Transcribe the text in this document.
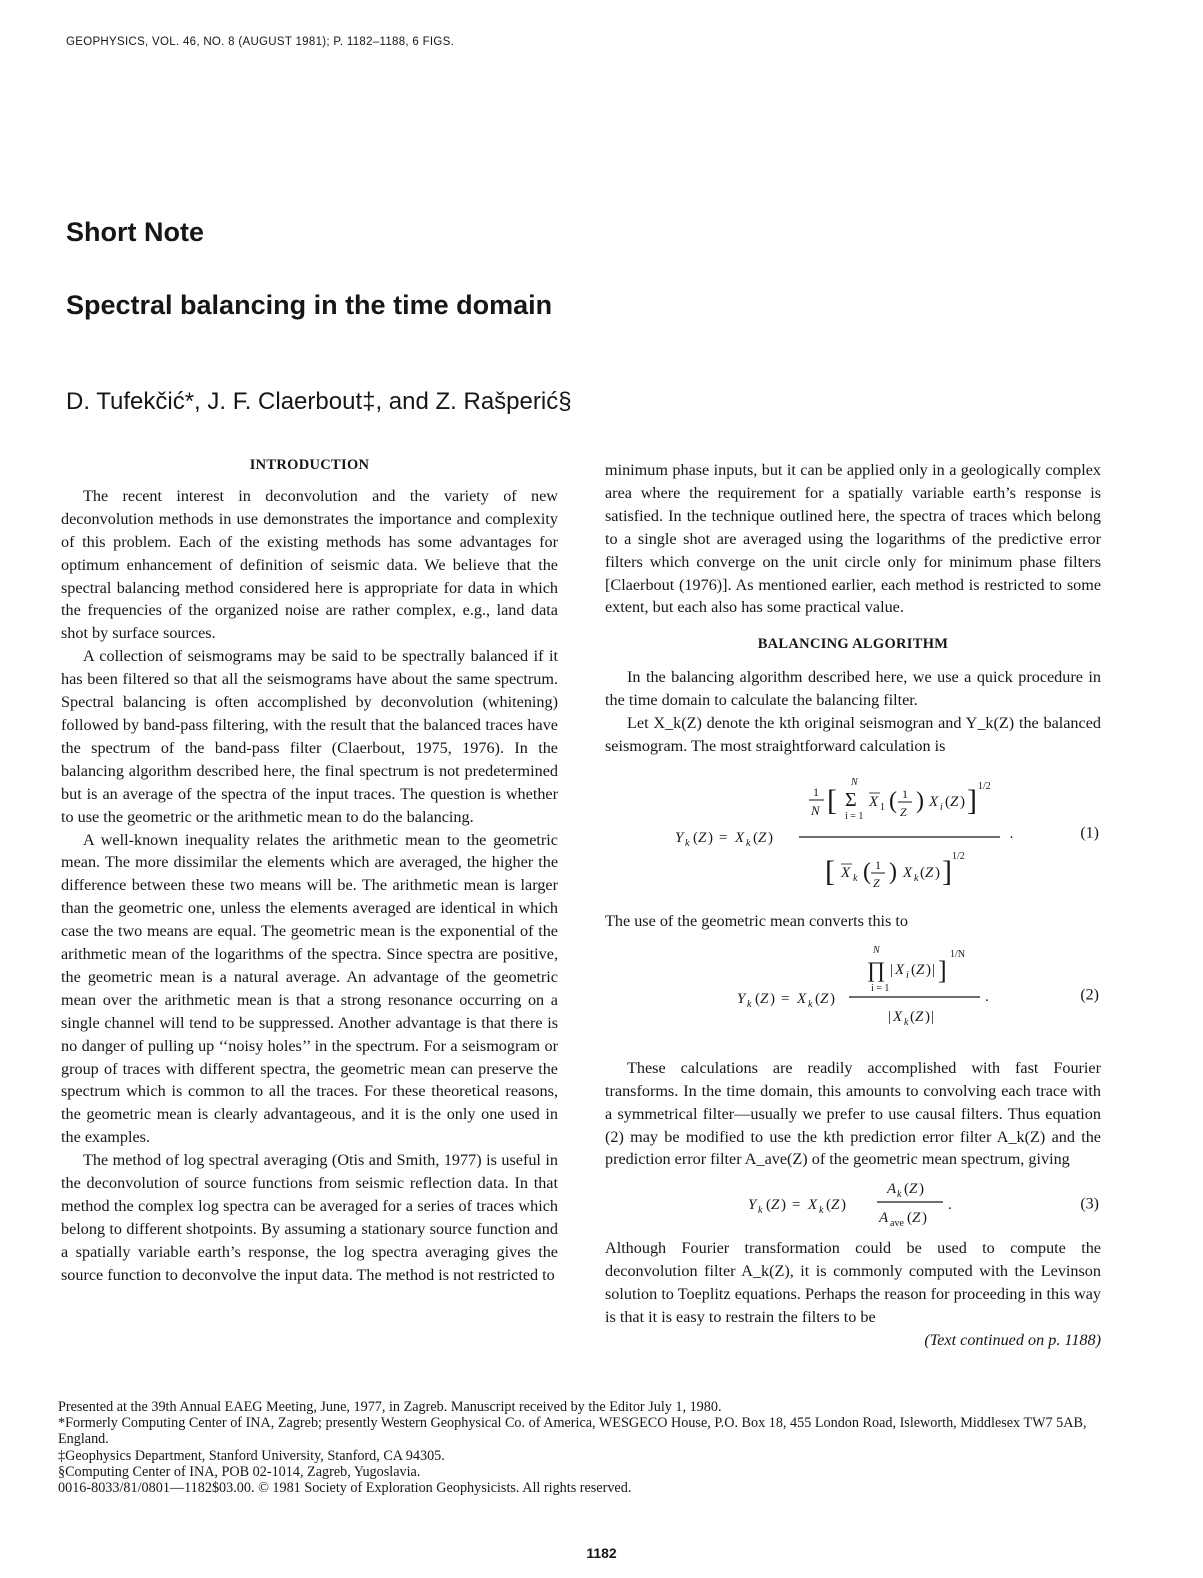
GEOPHYSICS, VOL. 46, NO. 8 (AUGUST 1981); P. 1182–1188, 6 FIGS.
Short Note
Spectral balancing in the time domain
D. Tufekčić*, J. F. Claerbout‡, and Z. Rašperić§

INTRODUCTION

The recent interest in deconvolution and the variety of new deconvolution methods in use demonstrates the importance and complexity of this problem. Each of the existing methods has some advantages for optimum enhancement of definition of seismic data. We believe that the spectral balancing method considered here is appropriate for data in which the frequencies of the organized noise are rather complex, e.g., land data shot by surface sources.

A collection of seismograms may be said to be spectrally balanced if it has been filtered so that all the seismograms have about the same spectrum. Spectral balancing is often accomplished by deconvolution (whitening) followed by band-pass filtering, with the result that the balanced traces have the spectrum of the band-pass filter (Claerbout, 1975, 1976). In the balancing algorithm described here, the final spectrum is not predetermined but is an average of the spectra of the input traces. The question is whether to use the geometric or the arithmetic mean to do the balancing.

A well-known inequality relates the arithmetic mean to the geometric mean. The more dissimilar the elements which are averaged, the higher the difference between these two means will be. The arithmetic mean is larger than the geometric one, unless the elements averaged are identical in which case the two means are equal. The geometric mean is the exponential of the arithmetic mean of the logarithms of the spectra. Since spectra are positive, the geometric mean is a natural average. An advantage of the geometric mean over the arithmetic mean is that a strong resonance occurring on a single channel will tend to be suppressed. Another advantage is that there is no danger of pulling up ‘‘noisy holes’’ in the spectrum. For a seismogram or group of traces with different spectra, the geometric mean can preserve the spectrum which is common to all the traces. For these theoretical reasons, the geometric mean is clearly advantageous, and it is the only one used in the examples.

The method of log spectral averaging (Otis and Smith, 1977) is useful in the deconvolution of source functions from seismic reflection data. In that method the complex log spectra can be averaged for a series of traces which belong to different shotpoints. By assuming a stationary source function and a spatially variable earth’s response, the log spectra averaging gives the source function to deconvolve the input data. The method is not restricted to

minimum phase inputs, but it can be applied only in a geologically complex area where the requirement for a spatially variable earth’s response is satisfied. In the technique outlined here, the spectra of traces which belong to a single shot are averaged using the logarithms of the predictive error filters which converge on the unit circle only for minimum phase filters [Claerbout (1976)]. As mentioned earlier, each method is restricted to some extent, but each also has some practical value.

BALANCING ALGORITHM

In the balancing algorithm described here, we use a quick procedure in the time domain to calculate the balancing filter.

Let X_k(Z) denote the kth original seismogran and Y_k(Z) the balanced seismogram. The most straightforward calculation is

Y k ( Z ) = X k ( Z )
1
N [
N
Σ
i = 1
X 1 ( 1
Z ) X i ( Z ) ] 1/2
[ X k ( 1
Z ) X k ( Z ) ] 1/2
·	(1)

The use of the geometric mean converts this to

Y k ( Z ) = X k ( Z )
N
∏
i = 1
| X i ( Z ) | ]
1/N
| X k ( Z ) |
.	(2)

These calculations are readily accomplished with fast Fourier transforms. In the time domain, this amounts to convolving each trace with a symmetrical filter—usually we prefer to use causal filters. Thus equation (2) may be modified to use the kth prediction error filter A_k(Z) and the prediction error filter A_ave(Z) of the geometric mean spectrum, giving

Y k ( Z ) = X k ( Z )
A k ( Z )
A ave ( Z )
.	(3)

Although Fourier transformation could be used to compute the deconvolution filter A_k(Z), it is commonly computed with the Levinson solution to Toeplitz equations. Perhaps the reason for proceeding in this way is that it is easy to restrain the filters to be

(Text continued on p. 1188)

Presented at the 39th Annual EAEG Meeting, June, 1977, in Zagreb. Manuscript received by the Editor July 1, 1980.
*Formerly Computing Center of INA, Zagreb; presently Western Geophysical Co. of America, WESGECO House, P.O. Box 18, 455 London Road, Isleworth, Middlesex TW7 5AB, England.
‡Geophysics Department, Stanford University, Stanford, CA 94305.
§Computing Center of INA, POB 02-1014, Zagreb, Yugoslavia.
0016-8033/81/0801—1182$03.00. © 1981 Society of Exploration Geophysicists. All rights reserved.
1182
